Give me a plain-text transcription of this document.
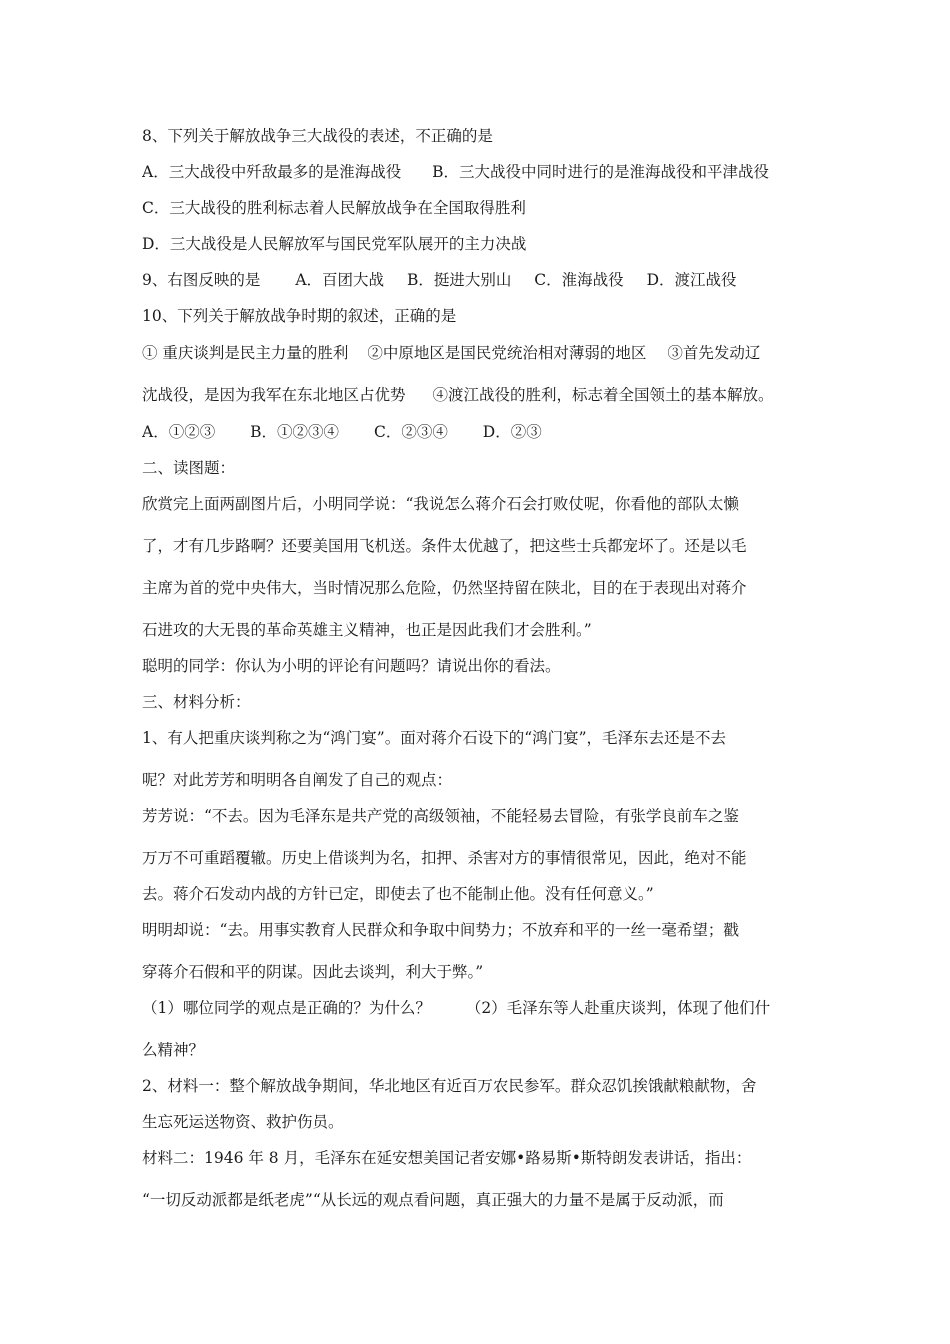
8、下列关于解放战争三大战役的表述，不正确的是
A．三大战役中歼敌最多的是淮海战役 B．三大战役中同时进行的是淮海战役和平津战役
C．三大战役的胜利标志着人民解放战争在全国取得胜利
D．三大战役是人民解放军与国民党军队展开的主力决战
9、右图反映的是 A．百团大战 B．挺进大别山 C．淮海战役 D．渡江战役
10、下列关于解放战争时期的叙述，正确的是
① 重庆谈判是民主力量的胜利 ②中原地区是国民党统治相对薄弱的地区 ③首先发动辽
沈战役，是因为我军在东北地区占优势 ④渡江战役的胜利，标志着全国领土的基本解放。
A．①②③ B．①②③④ C．②③④ D．②③
二、读图题：
欣赏完上面两副图片后，小明同学说：“我说怎么蒋介石会打败仗呢，你看他的部队太懒
了，才有几步路啊？还要美国用飞机送。条件太优越了，把这些士兵都宠坏了。还是以毛
主席为首的党中央伟大，当时情况那么危险，仍然坚持留在陕北，目的在于表现出对蒋介
石进攻的大无畏的革命英雄主义精神，也正是因此我们才会胜利。”
聪明的同学：你认为小明的评论有问题吗？请说出你的看法。
三、材料分析：
1、有人把重庆谈判称之为“鸿门宴”。面对蒋介石设下的“鸿门宴”，毛泽东去还是不去
呢？对此芳芳和明明各自阐发了自己的观点：
芳芳说：“不去。因为毛泽东是共产党的高级领袖，不能轻易去冒险，有张学良前车之鉴
万万不可重蹈覆辙。历史上借谈判为名，扣押、杀害对方的事情很常见，因此，绝对不能
去。蒋介石发动内战的方针已定，即使去了也不能制止他。没有任何意义。”
明明却说：“去。用事实教育人民群众和争取中间势力；不放弃和平的一丝一毫希望；戳
穿蒋介石假和平的阴谋。因此去谈判，利大于弊。”
（1）哪位同学的观点是正确的？为什么？ （2）毛泽东等人赴重庆谈判，体现了他们什
么精神？
2、材料一：整个解放战争期间，华北地区有近百万农民参军。群众忍饥挨饿献粮献物，舍
生忘死运送物资、救护伤员。
材料二：1946 年 8 月，毛泽东在延安想美国记者安娜•路易斯•斯特朗发表讲话，指出：
“一切反动派都是纸老虎”“从长远的观点看问题，真正强大的力量不是属于反动派，而
